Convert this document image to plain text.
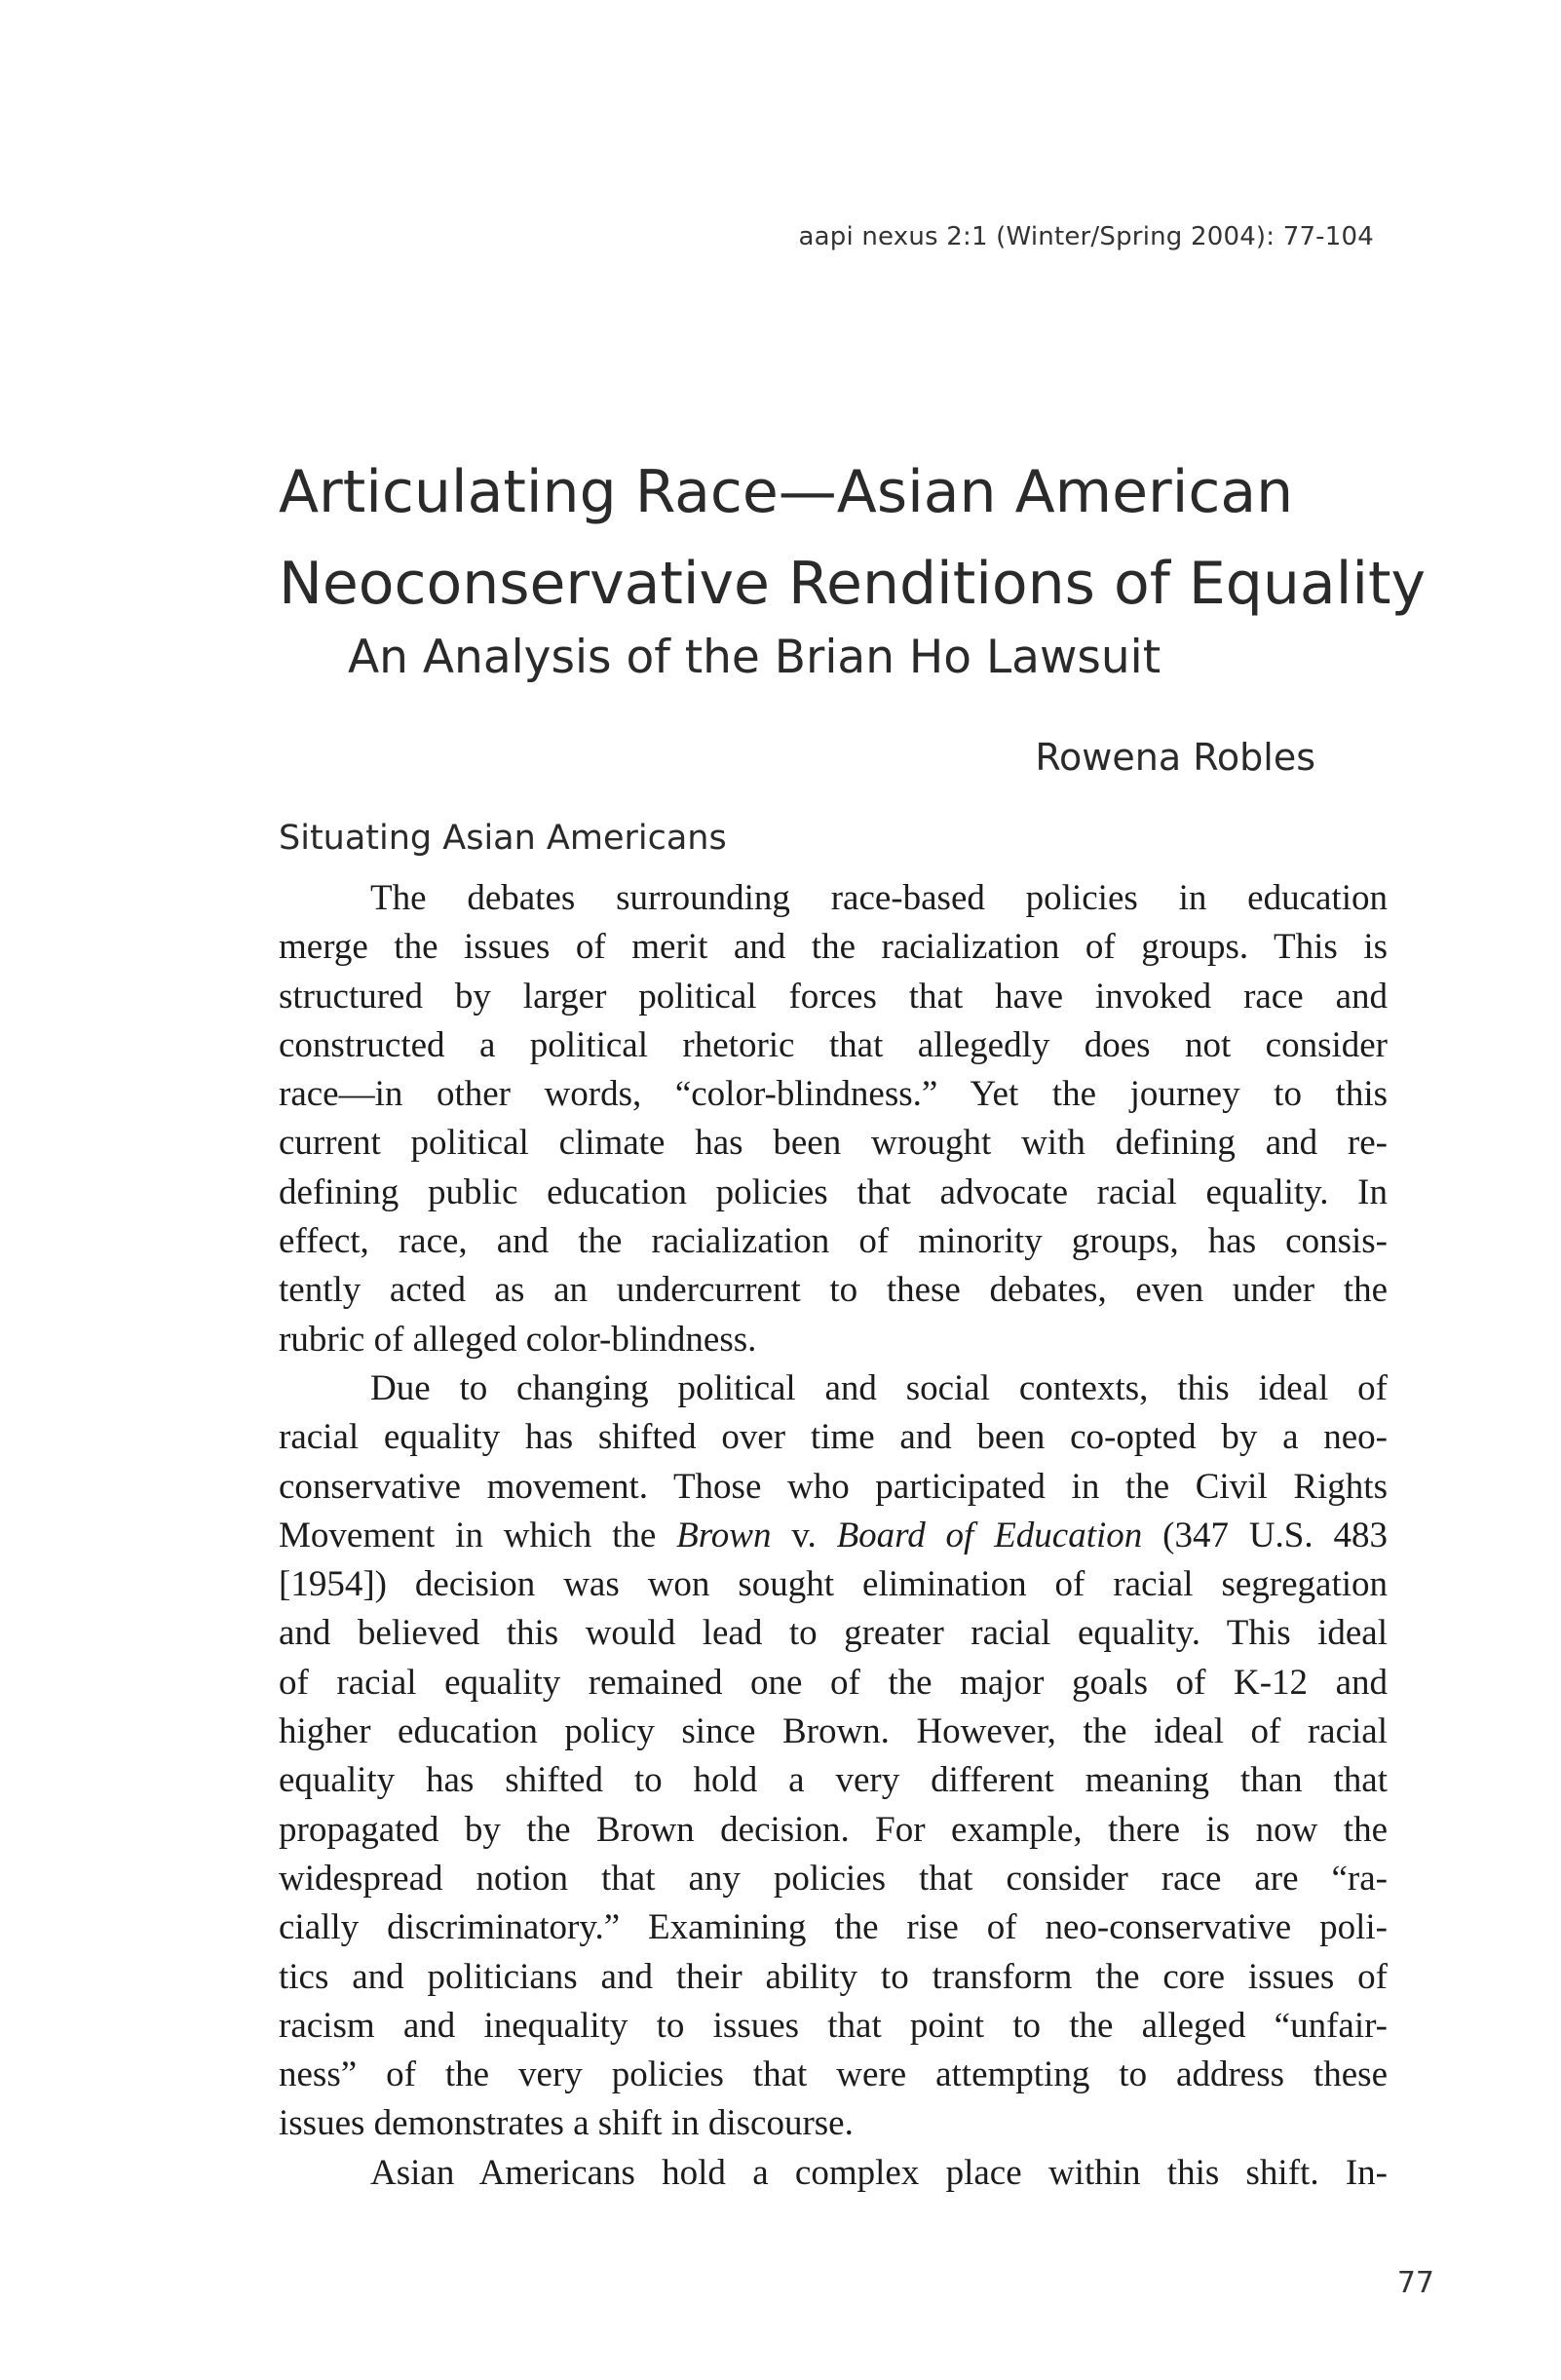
aapi nexus 2:1 (Winter/Spring 2004): 77-104
Articulating Race—Asian American
Neoconservative Renditions of Equality
An Analysis of the Brian Ho Lawsuit
Rowena Robles
Situating Asian Americans

The debates surrounding race-based policies in education
merge the issues of merit and the racialization of groups. This is
structured by larger political forces that have invoked race and
constructed a political rhetoric that allegedly does not consider
race—in other words, “color-blindness.” Yet the journey to this
current political climate has been wrought with defining and re-
defining public education policies that advocate racial equality. In
effect, race, and the racialization of minority groups, has consis-
tently acted as an undercurrent to these debates, even under the
rubric of alleged color-blindness.

Due to changing political and social contexts, this ideal of
racial equality has shifted over time and been co-opted by a neo-
conservative movement. Those who participated in the Civil Rights
Movement in which the Brown v. Board of Education (347 U.S. 483
[1954]) decision was won sought elimination of racial segregation
and believed this would lead to greater racial equality. This ideal
of racial equality remained one of the major goals of K-12 and
higher education policy since Brown. However, the ideal of racial
equality has shifted to hold a very different meaning than that
propagated by the Brown decision. For example, there is now the
widespread notion that any policies that consider race are “ra-
cially discriminatory.” Examining the rise of neo-conservative poli-
tics and politicians and their ability to transform the core issues of
racism and inequality to issues that point to the alleged “unfair-
ness” of the very policies that were attempting to address these
issues demonstrates a shift in discourse.

Asian Americans hold a complex place within this shift. In-

77
